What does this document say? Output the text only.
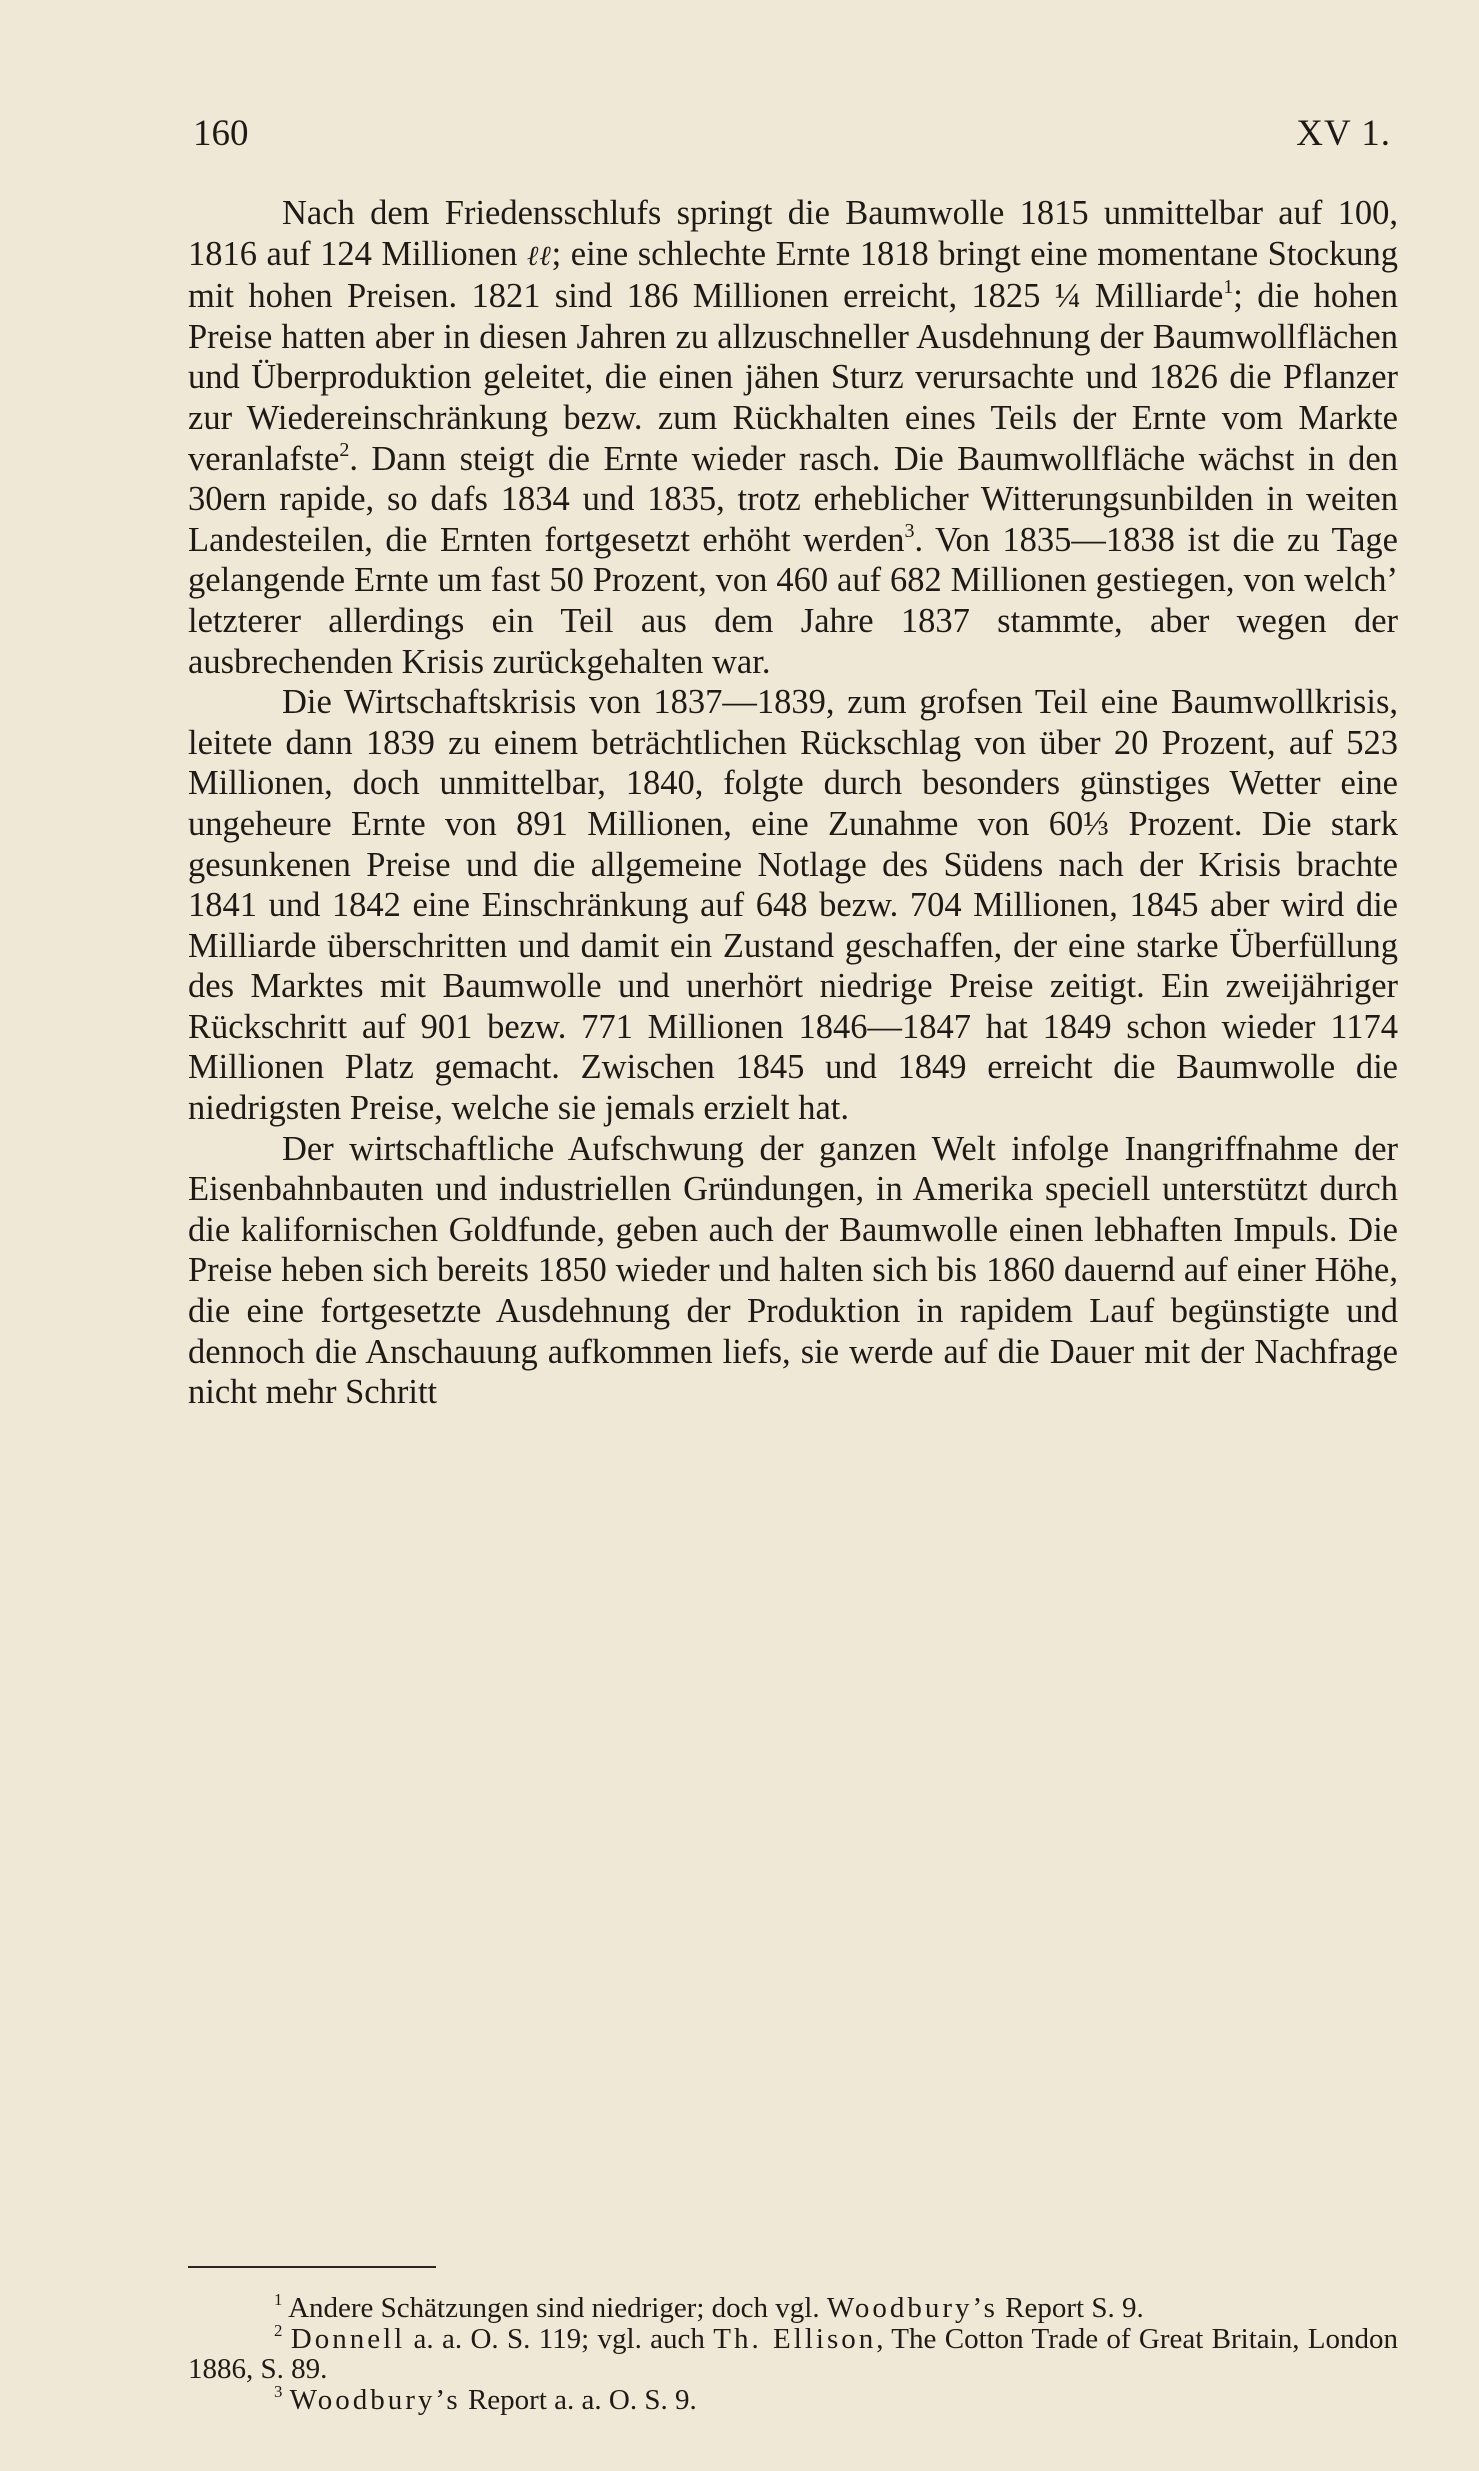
160	XV 1.

Nach dem Friedensschlufs springt die Baumwolle 1815 unmittelbar auf 100, 1816 auf 124 Millionen ℓℓ; eine schlechte Ernte 1818 bringt eine momentane Stockung mit hohen Preisen. 1821 sind 186 Millionen erreicht, 1825 ¼ Milliarde$^1$; die hohen Preise hatten aber in diesen Jahren zu allzuschneller Ausdehnung der Baumwollflächen und Überproduktion geleitet, die einen jähen Sturz verursachte und 1826 die Pflanzer zur Wiedereinschränkung bezw. zum Rückhalten eines Teils der Ernte vom Markte veranlafste$^2$. Dann steigt die Ernte wieder rasch. Die Baumwollfläche wächst in den 30ern rapide, so dafs 1834 und 1835, trotz erheblicher Witterungsunbilden in weiten Landesteilen, die Ernten fortgesetzt erhöht werden$^3$. Von 1835—1838 ist die zu Tage gelangende Ernte um fast 50 Prozent, von 460 auf 682 Millionen gestiegen, von welch’ letzterer allerdings ein Teil aus dem Jahre 1837 stammte, aber wegen der ausbrechenden Krisis zurückgehalten war.

Die Wirtschaftskrisis von 1837—1839, zum grofsen Teil eine Baumwollkrisis, leitete dann 1839 zu einem beträchtlichen Rückschlag von über 20 Prozent, auf 523 Millionen, doch unmittelbar, 1840, folgte durch besonders günstiges Wetter eine ungeheure Ernte von 891 Millionen, eine Zunahme von 60⅓ Prozent. Die stark gesunkenen Preise und die allgemeine Notlage des Südens nach der Krisis brachte 1841 und 1842 eine Einschränkung auf 648 bezw. 704 Millionen, 1845 aber wird die Milliarde überschritten und damit ein Zustand geschaffen, der eine starke Überfüllung des Marktes mit Baumwolle und unerhört niedrige Preise zeitigt. Ein zweijähriger Rückschritt auf 901 bezw. 771 Millionen 1846—1847 hat 1849 schon wieder 1174 Millionen Platz gemacht. Zwischen 1845 und 1849 erreicht die Baumwolle die niedrigsten Preise, welche sie jemals erzielt hat.

Der wirtschaftliche Aufschwung der ganzen Welt infolge Inangriffnahme der Eisenbahnbauten und industriellen Gründungen, in Amerika speciell unterstützt durch die kalifornischen Goldfunde, geben auch der Baumwolle einen lebhaften Impuls. Die Preise heben sich bereits 1850 wieder und halten sich bis 1860 dauernd auf einer Höhe, die eine fortgesetzte Ausdehnung der Produktion in rapidem Lauf begünstigte und dennoch die Anschauung aufkommen liefs, sie werde auf die Dauer mit der Nachfrage nicht mehr Schritt

$^1$ Andere Schätzungen sind niedriger; doch vgl. Woodbury’s Report S. 9.

$^2$ Donnell a. a. O. S. 119; vgl. auch Th. Ellison, The Cotton Trade of Great Britain, London 1886, S. 89.

$^3$ Woodbury’s Report a. a. O. S. 9.
